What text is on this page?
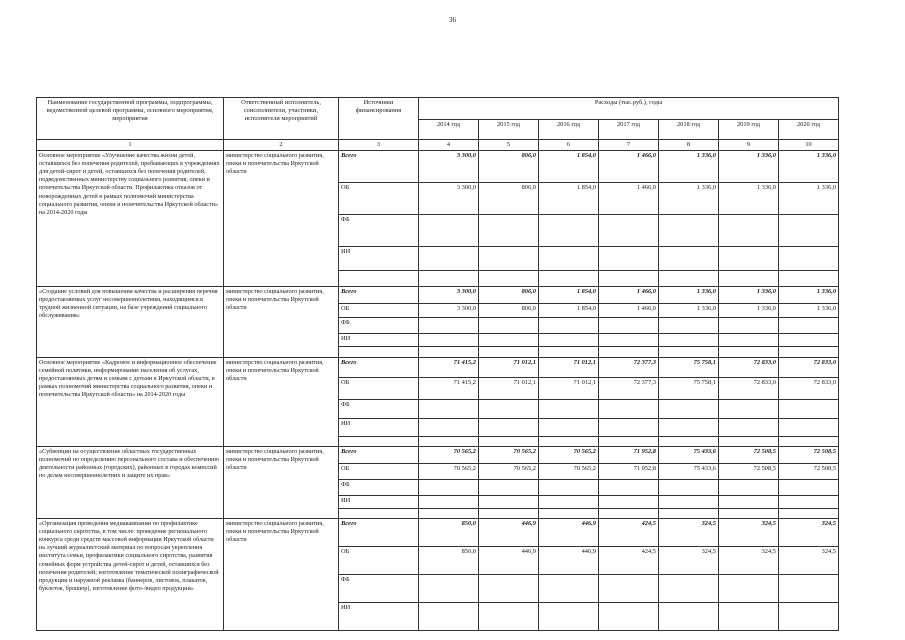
36
Наименование государственной программы, подпрограммы, ведомственной целевой программы, основного мероприятия, мероприятия	Ответственный исполнитель, соисполнители, участники, исполнители мероприятий	Источники финансирования	Расходы (тыс.руб.), годы						
			2014 год	2015 год	2016 год	2017 год	2018 год	2019 год	2020 год
1	2	3	4	5	6	7	8	9	10
Основное мероприятие «Улучшение качества жизни детей, оставшихся без попечения родителей, пребывающих в учреждениях для детей-сирот и детей, оставшихся без попечения родителей, подведомственных министерству социального развития, опеки и попечительства Иркутской области. Профилактика отказов от новорожденных детей в рамках полномочий министерства социального развития, опеки и попечительства Иркутской области» на 2014-2020 годы	министерство социального развития, опеки и попечительства Иркутской области	Всего	3 300,0	806,0	1 854,0	1 466,0	1 336,0	1 336,0	1 336,0
		ОБ	3 300,0	806,0	1 854,0	1 466,0	1 336,0	1 336,0	1 336,0
		ФБ							
		ИИ							

«Создание условий для повышения качества и расширения перечня предоставляемых услуг несовершеннолетним, находящимся в трудной жизненной ситуации, на базе учреждений социального обслуживания»	министерство социального развития, опеки и попечительства Иркутской области	Всего	3 300,0	806,0	1 854,0	1 466,0	1 336,0	1 336,0	1 336,0
		ОБ	3 300,0	806,0	1 854,0	1 466,0	1 336,0	1 336,0	1 336,0
		ФБ							
		ИИ							

Основное мероприятие «Кадровое и информационное обеспечение семейной политики, информирование населения об услугах, предоставляемых детям и семьям с детьми в Иркутской области, в рамках полномочий министерства социального развития, опеки и попечительства Иркутской области» на 2014-2020 годы	министерство социального развития, опеки и попечительства Иркутской области	Всего	71 415,2	71 012,1	71 012,1	72 377,3	75 758,1	72 833,0	72 833,0
		ОБ	71 415,2	71 012,1	71 012,1	72 377,3	75 758,1	72 833,0	72 833,0
		ФБ							
		ИИ							

«Субвенции на осуществление областных государственных полномочий по определению персонального состава и обеспечению деятельности районных (городских), районных в городах комиссий по делам несовершеннолетних и защите их прав»	министерство социального развития, опеки и попечительства Иркутской области	Всего	70 565,2	70 565,2	70 565,2	71 952,8	75 433,6	72 508,5	72 508,5
		ОБ	70 565,2	70 565,2	70 565,2	71 952,8	75 433,6	72 508,5	72 508,5
		ФБ							
		ИИ							

«Организация проведения медиакампании по профилактике социального сиротства, в том числе: проведение регионального конкурса среди средств массовой информации Иркутской области на лучший журналистский материал по вопросам укрепления института семьи, профилактики социального сиротства, развития семейных форм устройства детей-сирот и детей, оставшихся без попечения родителей; изготовление тематической полиграфической продукции и наружной рекламы (баннеров, листовок, плакатов, буклетов, брошюр), изготовление фото-/видео продукции»	министерство социального развития, опеки и попечительства Иркутской области	Всего	850,0	446,9	446,9	424,5	324,5	324,5	324,5
		ОБ	850,0	446,9	446,9	424,5	324,5	324,5	324,5
		ФБ							
		ИИ							
